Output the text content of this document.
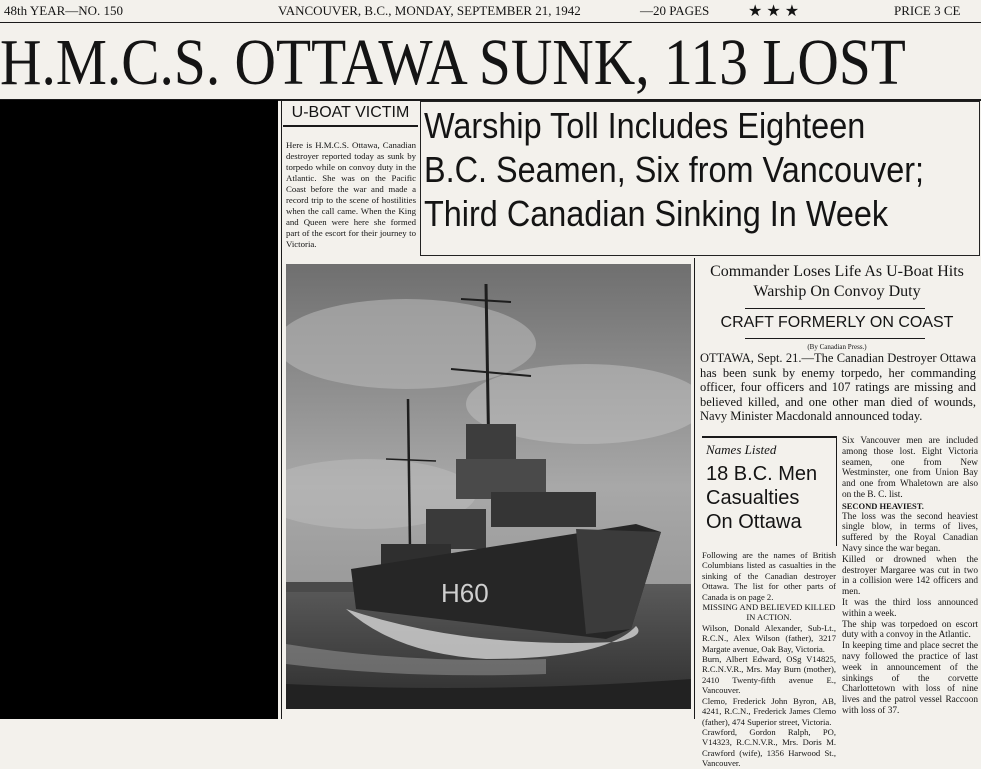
48th YEAR—NO. 150	VANCOUVER, B.C., MONDAY, SEPTEMBER 21, 1942	—20 PAGES ★ ★ ★	PRICE 3 CE
H.M.C.S. OTTAWA SUNK, 113 LOST
U-BOAT VICTIM
Here is H.M.C.S. Ottawa, Canadian destroyer reported today as sunk by torpedo while on convoy duty in the Atlantic. She was on the Pacific Coast before the war and made a record trip to the scene of hostilities when the call came. When the King and Queen were here she formed part of the escort for their journey to Victoria.
Warship Toll Includes Eighteen
B.C. Seamen, Six from Vancouver;
Third Canadian Sinking In Week
H60
Commander Loses Life As U-Boat Hits
Warship On Convoy Duty
CRAFT FORMERLY ON COAST
(By Canadian Press.)
OTTAWA, Sept. 21.—The Canadian Destroyer Ottawa has been sunk by enemy torpedo, her commanding officer, four officers and 107 ratings are missing and believed killed, and one other man died of wounds, Navy Minister Macdonald announced today.
Names Listed
18 B.C. Men
Casualties
On Ottawa

Following are the names of British Columbians listed as casualties in the sinking of the Canadian destroyer Ottawa. The list for other parts of Canada is on page 2.

MISSING AND BELIEVED KILLED IN ACTION.

Wilson, Donald Alexander, Sub-Lt., R.C.N., Alex Wilson (father), 3217 Margate avenue, Oak Bay, Victoria.

Burn, Albert Edward, OSg V14825, R.C.N.V.R., Mrs. May Burn (mother), 2410 Twenty-fifth avenue E., Vancouver.

Clemo, Frederick John Byron, AB, 4241, R.C.N., Frederick James Clemo (father), 474 Superior street, Victoria.

Crawford, Gordon Ralph, PO, V14323, R.C.N.V.R., Mrs. Doris M. Crawford (wife), 1356 Harwood St., Vancouver.

Six Vancouver men are included among those lost. Eight Victoria seamen, one from New Westminster, one from Union Bay and one from Whaletown are also on the B. C. list.

SECOND HEAVIEST.

The loss was the second heaviest single blow, in terms of lives, suffered by the Royal Canadian Navy since the war began.

Killed or drowned when the destroyer Margaree was cut in two in a collision were 142 officers and men.

It was the third loss announced within a week.

The ship was torpedoed on escort duty with a convoy in the Atlantic.

In keeping time and place secret the navy followed the practice of last week in announcement of the sinkings of the corvette Charlottetown with loss of nine lives and the patrol vessel Raccoon with loss of 37.
